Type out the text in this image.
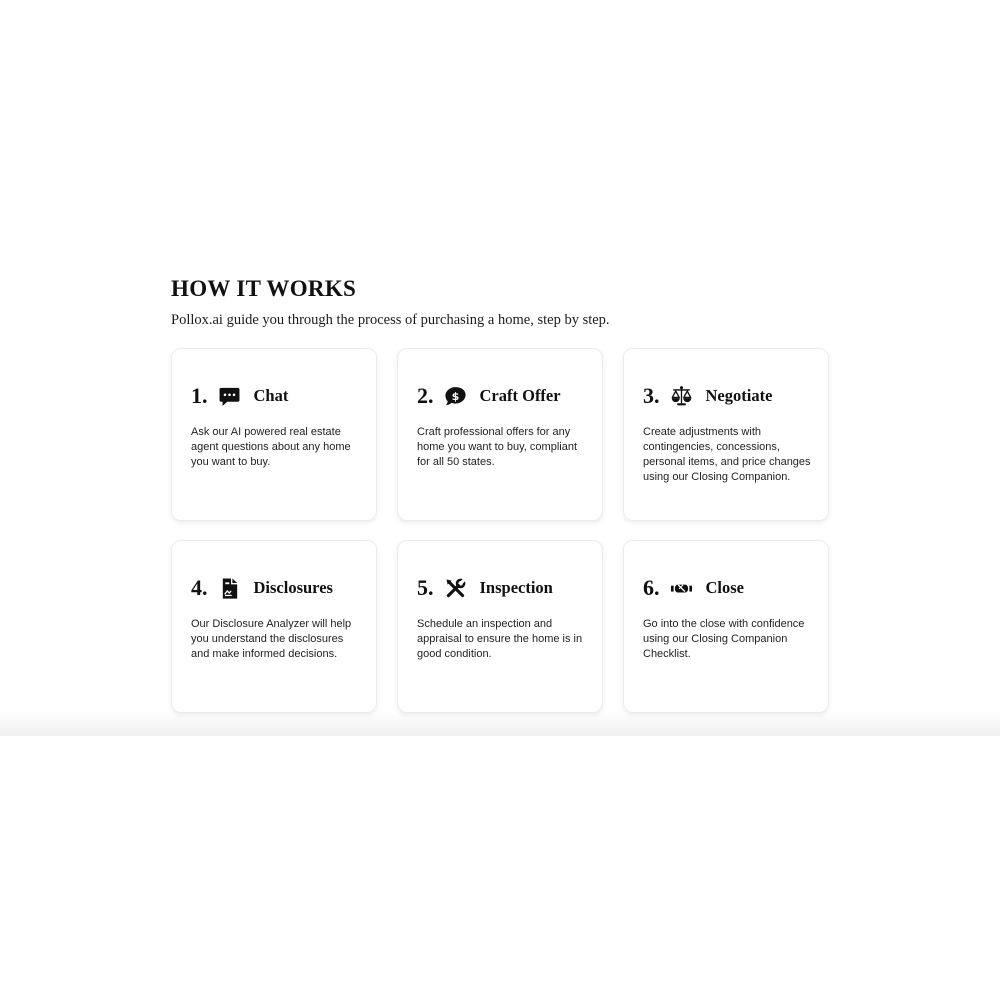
HOW IT WORKS

Pollox.ai guide you through the process of purchasing a home, step by step.

1.	Chat

Ask our AI powered real estate agent questions about any home you want to buy.

2. $ Craft Offer

Craft professional offers for any home you want to buy, compliant for all 50 states.

3.	Negotiate

Create adjustments with contingencies, concessions, personal items, and price changes using our Closing Companion.

4.	Disclosures

Our Disclosure Analyzer will help you understand the disclosures and make informed decisions.

5.	Inspection

Schedule an inspection and appraisal to ensure the home is in good condition.

6.	Close

Go into the close with confidence using our Closing Companion Checklist.
